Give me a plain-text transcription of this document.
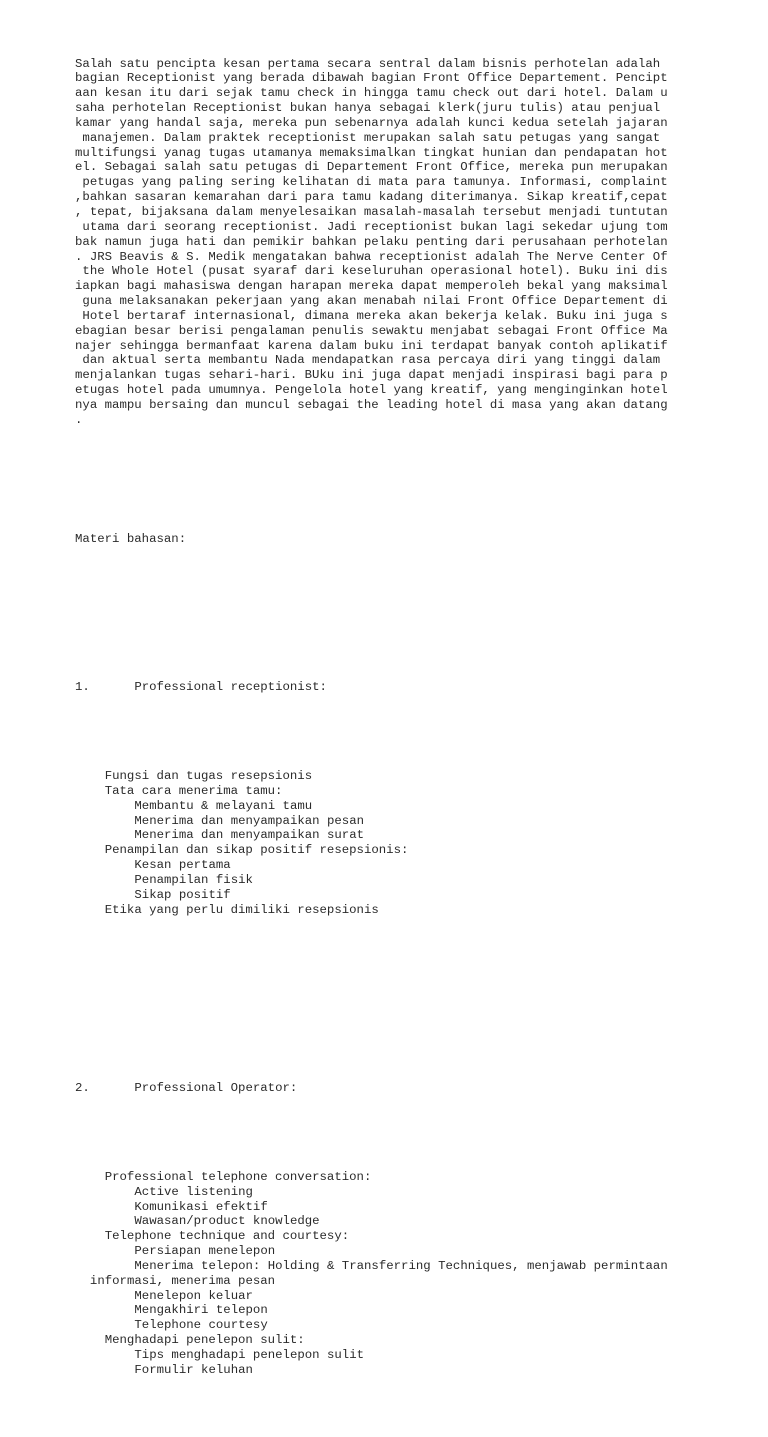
Salah satu pencipta kesan pertama secara sentral dalam bisnis perhotelan adalah
bagian Receptionist yang berada dibawah bagian Front Office Departement. Pencipt
aan kesan itu dari sejak tamu check in hingga tamu check out dari hotel. Dalam u
saha perhotelan Receptionist bukan hanya sebagai klerk(juru tulis) atau penjual
kamar yang handal saja, mereka pun sebenarnya adalah kunci kedua setelah jajaran
manajemen. Dalam praktek receptionist merupakan salah satu petugas yang sangat
multifungsi yanag tugas utamanya memaksimalkan tingkat hunian dan pendapatan hot
el. Sebagai salah satu petugas di Departement Front Office, mereka pun merupakan
petugas yang paling sering kelihatan di mata para tamunya. Informasi, complaint
,bahkan sasaran kemarahan dari para tamu kadang diterimanya. Sikap kreatif,cepat
, tepat, bijaksana dalam menyelesaikan masalah-masalah tersebut menjadi tuntutan
utama dari seorang receptionist. Jadi receptionist bukan lagi sekedar ujung tom
bak namun juga hati dan pemikir bahkan pelaku penting dari perusahaan perhotelan
. JRS Beavis & S. Medik mengatakan bahwa receptionist adalah The Nerve Center Of
the Whole Hotel (pusat syaraf dari keseluruhan operasional hotel). Buku ini dis
iapkan bagi mahasiswa dengan harapan mereka dapat memperoleh bekal yang maksimal
guna melaksanakan pekerjaan yang akan menabah nilai Front Office Departement di
Hotel bertaraf internasional, dimana mereka akan bekerja kelak. Buku ini juga s
ebagian besar berisi pengalaman penulis sewaktu menjabat sebagai Front Office Ma
najer sehingga bermanfaat karena dalam buku ini terdapat banyak contoh aplikatif
dan aktual serta membantu Nada mendapatkan rasa percaya diri yang tinggi dalam
menjalankan tugas sehari-hari. BUku ini juga dapat menjadi inspirasi bagi para p
etugas hotel pada umumnya. Pengelola hotel yang kreatif, yang menginginkan hotel
nya mampu bersaing dan muncul sebagai the leading hotel di masa yang akan datang
.

Materi bahasan:

1.	Professional receptionist:

Fungsi dan tugas resepsionis
Tata cara menerima tamu:
Membantu & melayani tamu
Menerima dan menyampaikan pesan
Menerima dan menyampaikan surat
Penampilan dan sikap positif resepsionis:
Kesan pertama
Penampilan fisik
Sikap positif
Etika yang perlu dimiliki resepsionis

2.	Professional Operator:

Professional telephone conversation:
Active listening
Komunikasi efektif
Wawasan/product knowledge
Telephone technique and courtesy:
Persiapan menelepon
Menerima telepon: Holding & Transferring Techniques, menjawab permintaan
informasi, menerima pesan
Menelepon keluar
Mengakhiri telepon
Telephone courtesy
Menghadapi penelepon sulit:
Tips menghadapi penelepon sulit
Formulir keluhan
